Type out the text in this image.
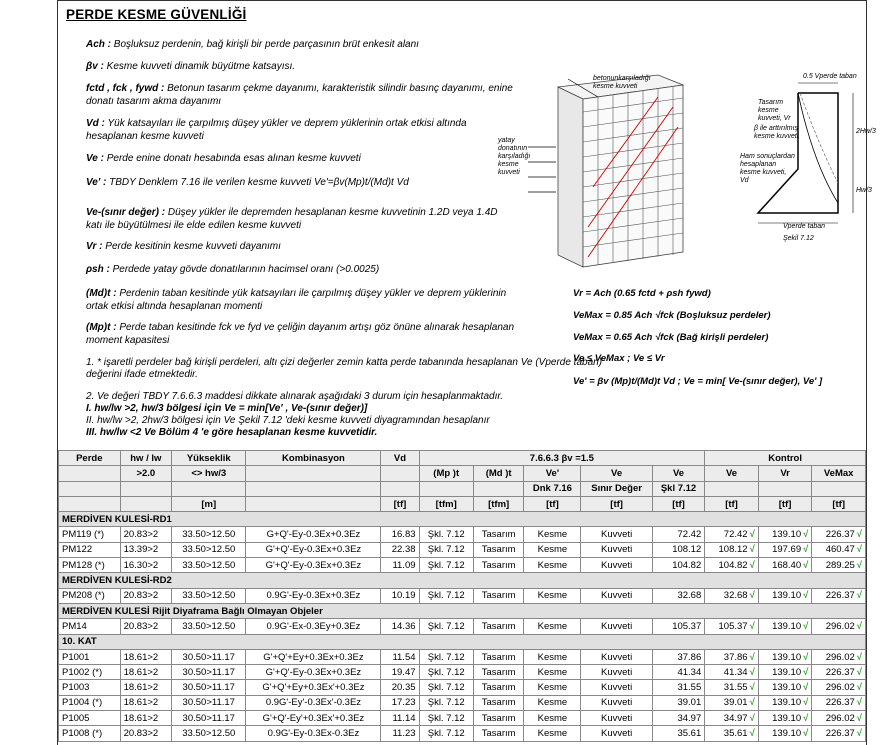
PERDE KESME GÜVENLİĞİ
Ach : Boşluksuz perdenin, bağ kirişli bir perde parçasının brüt enkesit alanı
βv : Kesme kuvveti dinamik büyütme katsayısı.
fctd , fck , fywd : Betonun tasarım çekme dayanımı, karakteristik silindir basınç dayanımı, enine donatı tasarım akma dayanımı
Vd : Yük katsayıları ile çarpılmış düşey yükler ve deprem yüklerinin ortak etkisi altında hesaplanan kesme kuvveti
Ve : Perde enine donatı hesabında esas alınan kesme kuvveti
Ve' : TBDY Denklem 7.16 ile verilen kesme kuvveti Ve'=βv(Mp)t/(Md)t Vd
Ve-(sınır değer) : Düşey yükler ile depremden hesaplanan kesme kuvvetinin 1.2D veya 1.4D katı ile büyütülmesi ile elde edilen kesme kuvveti
Vr : Perde kesitinin kesme kuvveti dayanımı
ρsh : Perdede yatay gövde donatılarının hacimsel oranı (>0.0025)
(Md)t : Perdenin taban kesitinde yük katsayıları ile çarpılmış düşey yükler ve deprem yüklerinin ortak etkisi altında hesaplanan momenti
(Mp)t : Perde taban kesitinde fck ve fyd ve çeliğin dayanım artışı göz önüne alınarak hesaplanan moment kapasitesi
1. * işaretli perdeler bağ kirişli perdeleri, altı çizi değerler zemin katta perde tabanında hesaplanan Ve (Vperde taban) değerini ifade etmektedir.
2. Ve değeri TBDY 7.6.6.3 maddesi dikkate alınarak aşağıdaki 3 durum için hesaplanmaktadır.
I. hw/lw >2, hw/3 bölgesi için Ve = min[Ve' , Ve-(sınır değer)]
II. hw/lw >2, 2hw/3 bölgesi için Ve Şekil 7.12 'deki kesme kuvveti diyagramından hesaplanır
III. hw/lw <2 Ve Bölüm 4 'e göre hesaplanan kesme kuvvetidir.
Vr = Ach (0.65 fctd + ρsh fywd)
VeMax = 0.85 Ach √fck (Boşluksuz perdeler)
VeMax = 0.65 Ach √fck (Bağ kirişli perdeler)
Ve ≤ VeMax ; Ve ≤ Vr
Ve' = βv (Mp)t/(Md)t Vd ; Ve = min[ Ve-(sınır değer), Ve' ]
betonunkarşıladığı kesme kuvveti
yatay donatının karşıladığı kesme kuvveti
0.5 Vperde taban
Tasarım kesme kuvveti, Vr
β ile arttırılmış kesme kuvveti
Ham sonuçlardan hesaplanan kesme kuvveti, Vd
2Hw/3
Hw/3
Vperde taban
Şekil 7.12
Perde	hw / lw	Yükseklik	Kombinasyon	Vd	7.6.6.3 βv =1.5					Kontrol		
	>2.0	<> hw/3			(Mp )t	(Md )t	Ve'	Ve	Ve	Ve	Vr	VeMax
							Dnk 7.16	Sınır Değer	Şkl 7.12			
		[m]		[tf]	[tfm]	[tfm]	[tf]	[tf]	[tf]	[tf]	[tf]	[tf]
MERDİVEN KULESİ-RD1												
PM119 (*)	20.83>2	33.50>12.50	G+Q'-Ey-0.3Ex+0.3Ez	16.83	Şkl. 7.12	Tasarım	Kesme	Kuvveti	72.42	72.42 √	139.10 √	226.37 √

PM122	13.39>2	33.50>12.50	G'+Q'-Ey-0.3Ex+0.3Ez	22.38	Şkl. 7.12	Tasarım	Kesme	Kuvveti	108.12	108.12 √	197.69 √	460.47 √

PM128 (*)	16.30>2	33.50>12.50	G'+Q'-Ey-0.3Ex+0.3Ez	11.09	Şkl. 7.12	Tasarım	Kesme	Kuvveti	104.82	104.82 √	168.40 √	289.25 √

MERDİVEN KULESİ-RD2												
PM208 (*)	20.83>2	33.50>12.50	0.9G'-Ey-0.3Ex+0.3Ez	10.19	Şkl. 7.12	Tasarım	Kesme	Kuvveti	32.68	32.68 √	139.10 √	226.37 √

MERDİVEN KULESİ Rijit Diyaframa Bağlı Olmayan Objeler												
PM14	20.83>2	33.50>12.50	0.9G'-Ex-0.3Ey+0.3Ez	14.36	Şkl. 7.12	Tasarım	Kesme	Kuvveti	105.37	105.37 √	139.10 √	296.02 √

10. KAT												
P1001	18.61>2	30.50>11.17	G'+Q'+Ey+0.3Ex+0.3Ez	11.54	Şkl. 7.12	Tasarım	Kesme	Kuvveti	37.86	37.86 √	139.10 √	296.02 √

P1002 (*)	18.61>2	30.50>11.17	G'+Q'-Ey-0.3Ex+0.3Ez	19.47	Şkl. 7.12	Tasarım	Kesme	Kuvveti	41.34	41.34 √	139.10 √	226.37 √

P1003	18.61>2	30.50>11.17	G'+Q'+Ey+0.3Ex'+0.3Ez	20.35	Şkl. 7.12	Tasarım	Kesme	Kuvveti	31.55	31.55 √	139.10 √	296.02 √

P1004 (*)	18.61>2	30.50>11.17	0.9G'-Ey'-0.3Ex'-0.3Ez	17.23	Şkl. 7.12	Tasarım	Kesme	Kuvveti	39.01	39.01 √	139.10 √	226.37 √

P1005	18.61>2	30.50>11.17	G'+Q'-Ey'+0.3Ex'+0.3Ez	11.14	Şkl. 7.12	Tasarım	Kesme	Kuvveti	34.97	34.97 √	139.10 √	296.02 √

P1008 (*)	20.83>2	33.50>12.50	0.9G'-Ey-0.3Ex-0.3Ez	11.23	Şkl. 7.12	Tasarım	Kesme	Kuvveti	35.61	35.61 √	139.10 √	226.37 √
